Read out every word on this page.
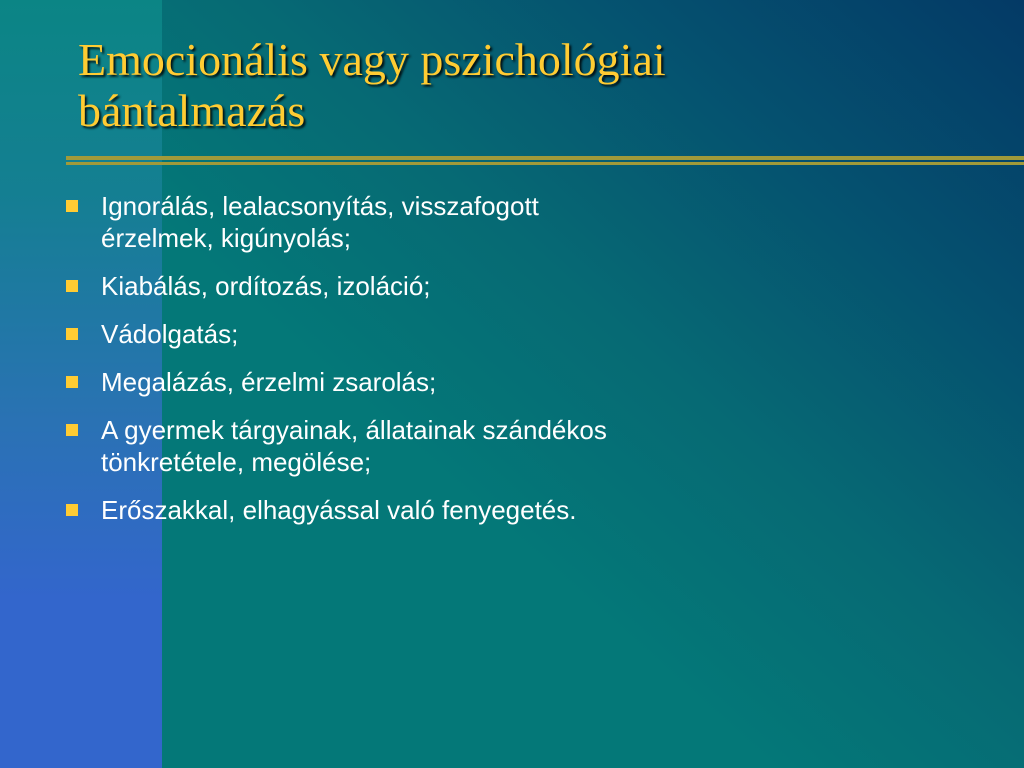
Emocionális vagy pszichológiai
bántalmazás
Ignorálás, lealacsonyítás, visszafogott
érzelmek, kigúnyolás;
Kiabálás, ordítozás, izoláció;
Vádolgatás;
Megalázás, érzelmi zsarolás;
A gyermek tárgyainak, állatainak szándékos
tönkretétele, megölése;
Erőszakkal, elhagyással való fenyegetés.
